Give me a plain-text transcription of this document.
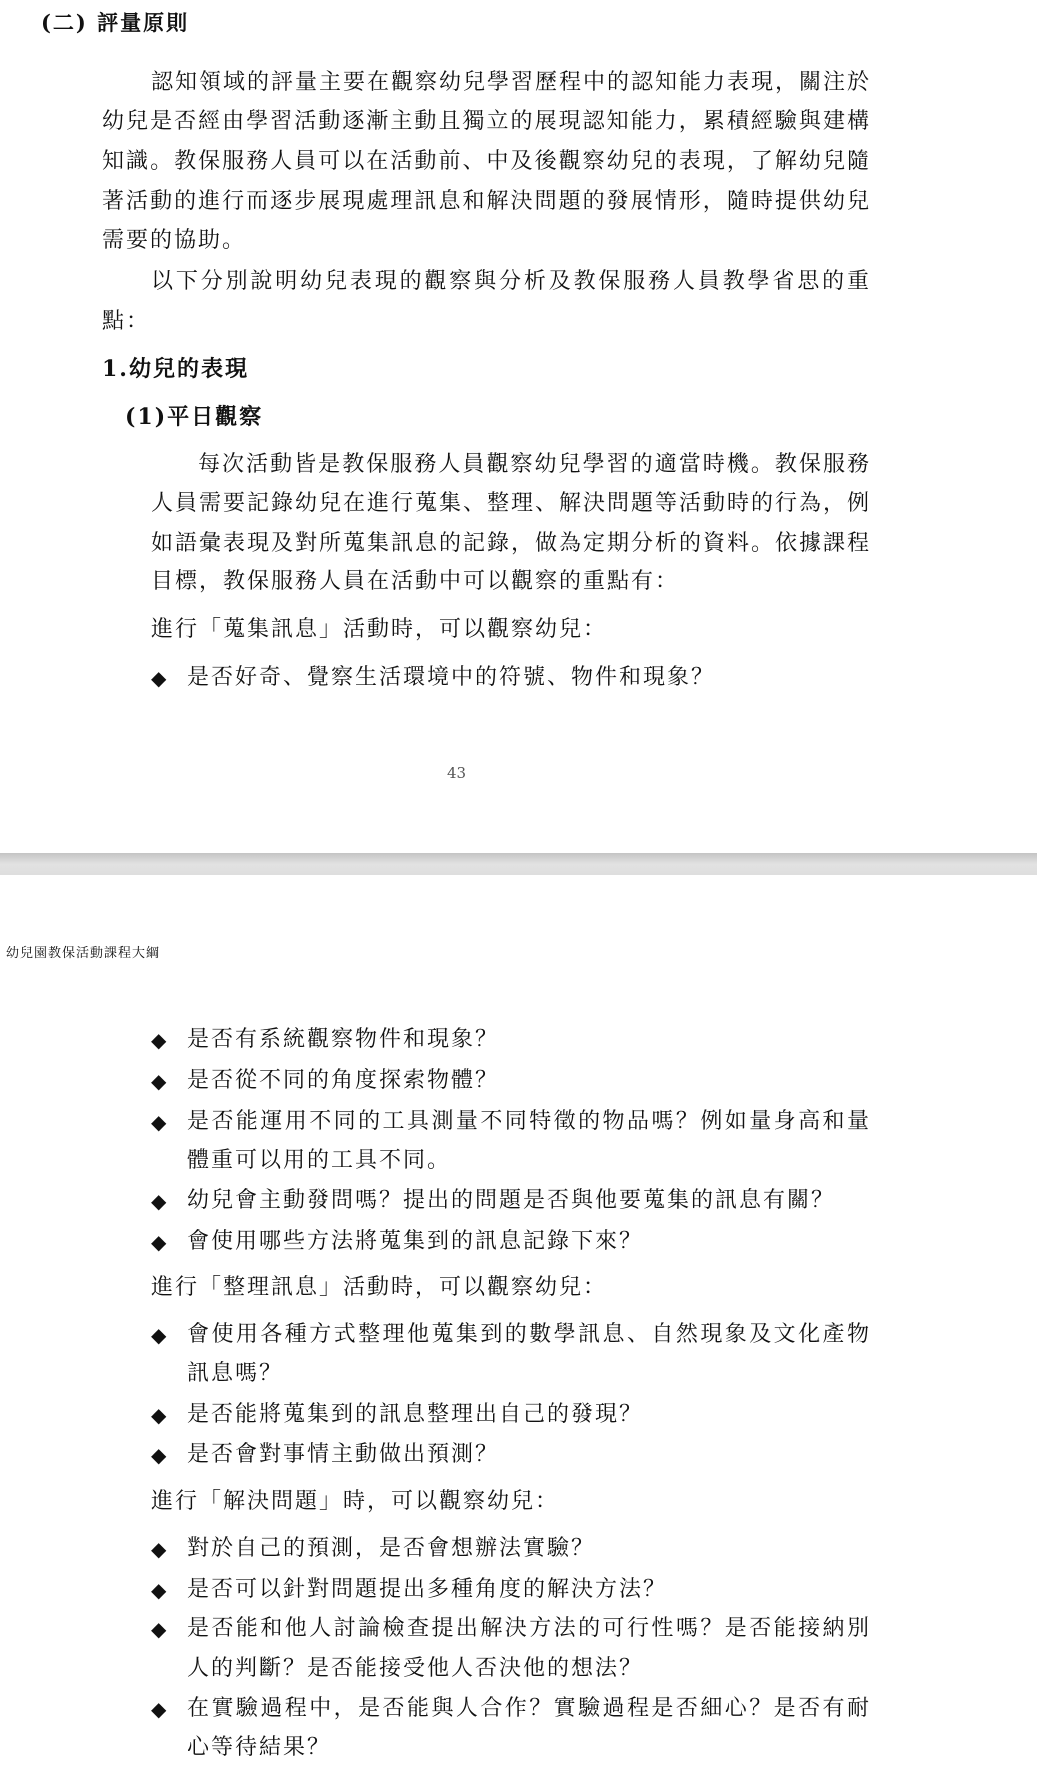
(二) 評量原則
認知領域的評量主要在觀察幼兒學習歷程中的認知能力表現，關注於
幼兒是否經由學習活動逐漸主動且獨立的展現認知能力，累積經驗與建構
知識。教保服務人員可以在活動前、中及後觀察幼兒的表現，了解幼兒隨
著活動的進行而逐步展現處理訊息和解決問題的發展情形，隨時提供幼兒
需要的協助。
以下分別說明幼兒表現的觀察與分析及教保服務人員教學省思的重
點：
1.幼兒的表現
(1)平日觀察
每次活動皆是教保服務人員觀察幼兒學習的適當時機。教保服務
人員需要記錄幼兒在進行蒐集、整理、解決問題等活動時的行為，例
如語彙表現及對所蒐集訊息的記錄，做為定期分析的資料。依據課程
目標，教保服務人員在活動中可以觀察的重點有：
進行「蒐集訊息」活動時，可以觀察幼兒：
◆ 是否好奇、覺察生活環境中的符號、物件和現象？
43
幼兒園教保活動課程大綱
◆ 是否有系統觀察物件和現象？
◆ 是否從不同的角度探索物體？
◆ 是否能運用不同的工具測量不同特徵的物品嗎？例如量身高和量
體重可以用的工具不同。
◆ 幼兒會主動發問嗎？提出的問題是否與他要蒐集的訊息有關？
◆ 會使用哪些方法將蒐集到的訊息記錄下來？
進行「整理訊息」活動時，可以觀察幼兒：
◆ 會使用各種方式整理他蒐集到的數學訊息、自然現象及文化產物
訊息嗎？
◆ 是否能將蒐集到的訊息整理出自己的發現？
◆ 是否會對事情主動做出預測？
進行「解決問題」時，可以觀察幼兒：
◆ 對於自己的預測，是否會想辦法實驗？
◆ 是否可以針對問題提出多種角度的解決方法？
◆ 是否能和他人討論檢查提出解決方法的可行性嗎？是否能接納別
人的判斷？是否能接受他人否決他的想法？
◆ 在實驗過程中，是否能與人合作？實驗過程是否細心？是否有耐
心等待結果？
